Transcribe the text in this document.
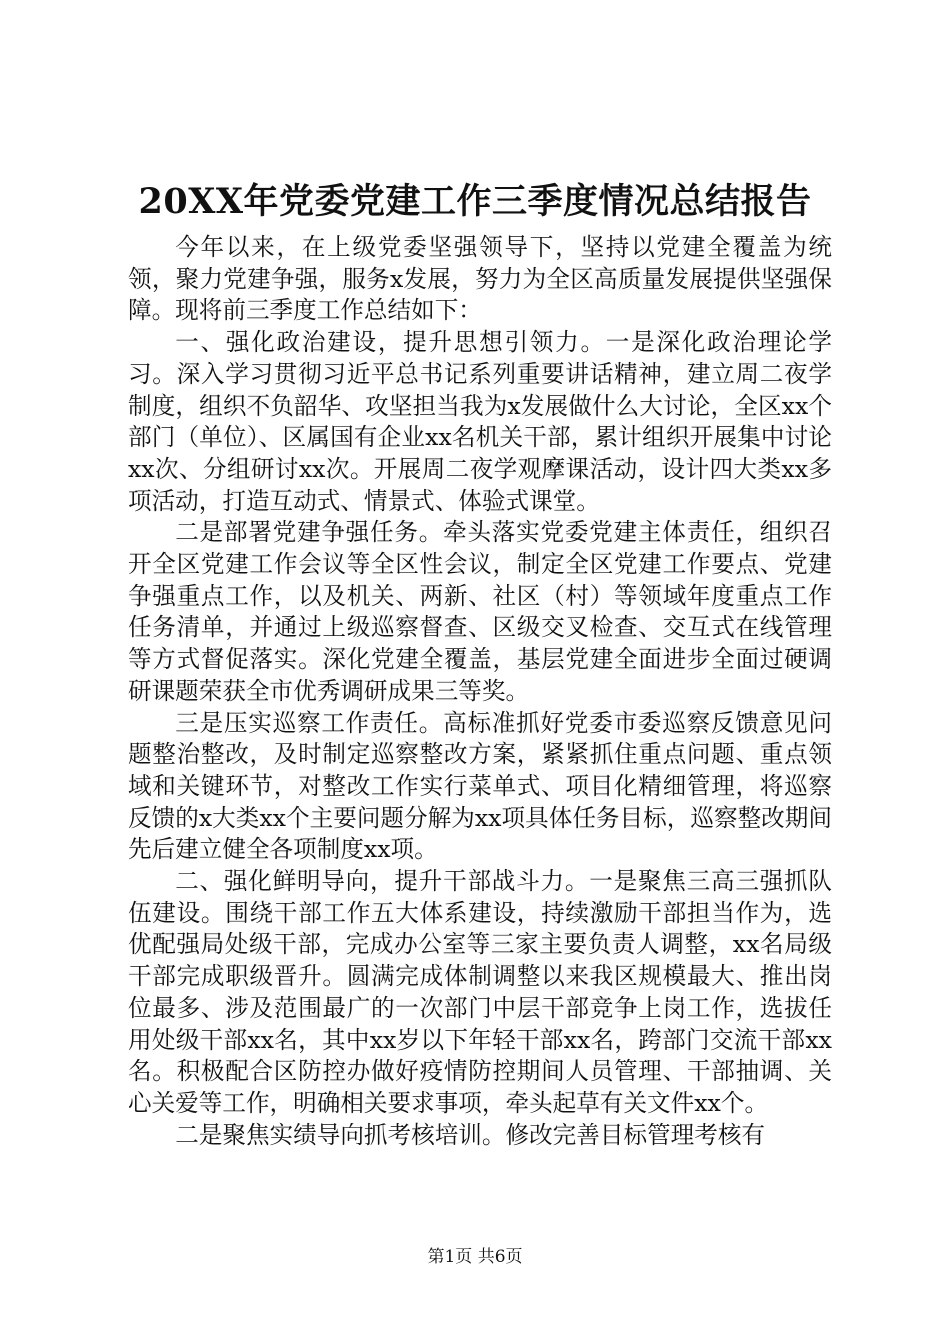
20XX年党委党建工作三季度情况总结报告

今年以来，在上级党委坚强领导下，坚持以党建全覆盖为统领，聚力党建争强，服务x发展，努力为全区高质量发展提供坚强保障。现将前三季度工作总结如下：

一、强化政治建设，提升思想引领力。一是深化政治理论学习。深入学习贯彻习近平总书记系列重要讲话精神，建立周二夜学制度，组织不负韶华、攻坚担当我为x发展做什么大讨论，全区xx个部门（单位）、区属国有企业xx名机关干部，累计组织开展集中讨论xx次、分组研讨xx次。开展周二夜学观摩课活动，设计四大类xx多项活动，打造互动式、情景式、体验式课堂。

二是部署党建争强任务。牵头落实党委党建主体责任，组织召开全区党建工作会议等全区性会议，制定全区党建工作要点、党建争强重点工作，以及机关、两新、社区（村）等领域年度重点工作任务清单，并通过上级巡察督查、区级交叉检查、交互式在线管理等方式督促落实。深化党建全覆盖，基层党建全面进步全面过硬调研课题荣获全市优秀调研成果三等奖。

三是压实巡察工作责任。高标准抓好党委市委巡察反馈意见问题整治整改，及时制定巡察整改方案，紧紧抓住重点问题、重点领域和关键环节，对整改工作实行菜单式、项目化精细管理，将巡察反馈的x大类xx个主要问题分解为xx项具体任务目标，巡察整改期间先后建立健全各项制度xx项。

二、强化鲜明导向，提升干部战斗力。一是聚焦三高三强抓队伍建设。围绕干部工作五大体系建设，持续激励干部担当作为，选优配强局处级干部，完成办公室等三家主要负责人调整，xx名局级干部完成职级晋升。圆满完成体制调整以来我区规模最大、推出岗位最多、涉及范围最广的一次部门中层干部竞争上岗工作，选拔任用处级干部xx名，其中xx岁以下年轻干部xx名，跨部门交流干部xx名。积极配合区防控办做好疫情防控期间人员管理、干部抽调、关心关爱等工作，明确相关要求事项，牵头起草有关文件xx个。

二是聚焦实绩导向抓考核培训。修改完善目标管理考核有

第1页 共6页
